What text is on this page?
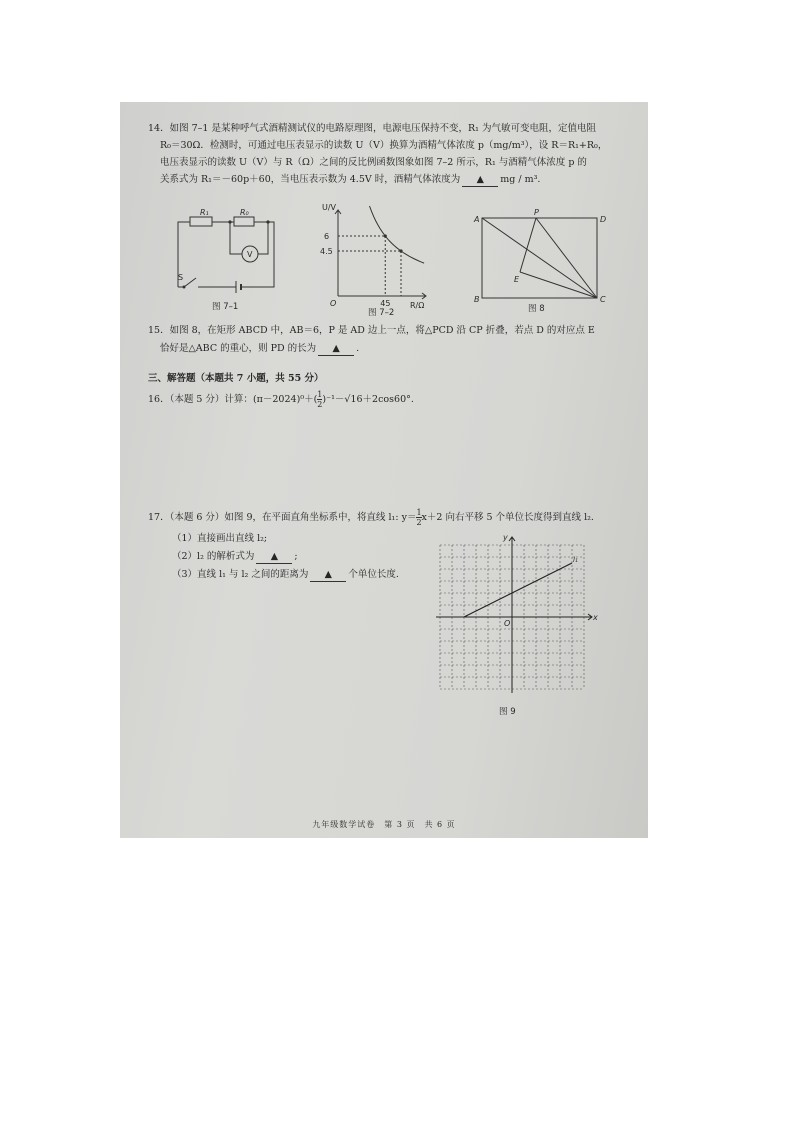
14．如图 7–1 是某种呼气式酒精测试仪的电路原理图，电源电压保持不变，R₁ 为气敏可变电阻，定值电阻
R₀＝30Ω．检测时，可通过电压表显示的读数 U（V）换算为酒精气体浓度 p（mg/m³），设 R＝R₁+R₀，
电压表显示的读数 U（V）与 R（Ω）之间的反比例函数图象如图 7–2 所示，R₁ 与酒精气体浓度 p 的
关系式为 R₁＝－60p＋60，当电压表示数为 4.5V 时，酒精气体浓度为 ▲ mg / m³.
R₁	R₀
V
S
图 7–1
U/V
R/Ω
O
6
4.5
45
图 7–2
A
P
D
E
B	C
图 8
15．如图 8，在矩形 ABCD 中，AB＝6，P 是 AD 边上一点，将△PCD 沿 CP 折叠，若点 D 的对应点 E
恰好是△ABC 的重心，则 PD 的长为 ▲ .
三、解答题（本题共 7 小题，共 55 分）
16．（本题 5 分）计算：$(\pi-2024)^0+( \frac{1}{2} )^{-1}-√16+2\cos 60^\circ$.
17．（本题 6 分）如图 9，在平面直角坐标系中，将直线 l₁: $y= \frac{1}{2} x+2$ 向右平移 5 个单位长度得到直线 l₂.
（1）直接画出直线 l₂;
（2）l₂ 的解析式为 ▲ ;
（3）直线 l₁ 与 l₂ 之间的距离为 ▲ 个单位长度.
x
y
O
l₁
图 9
九年级数学试卷　第 3 页　共 6 页
